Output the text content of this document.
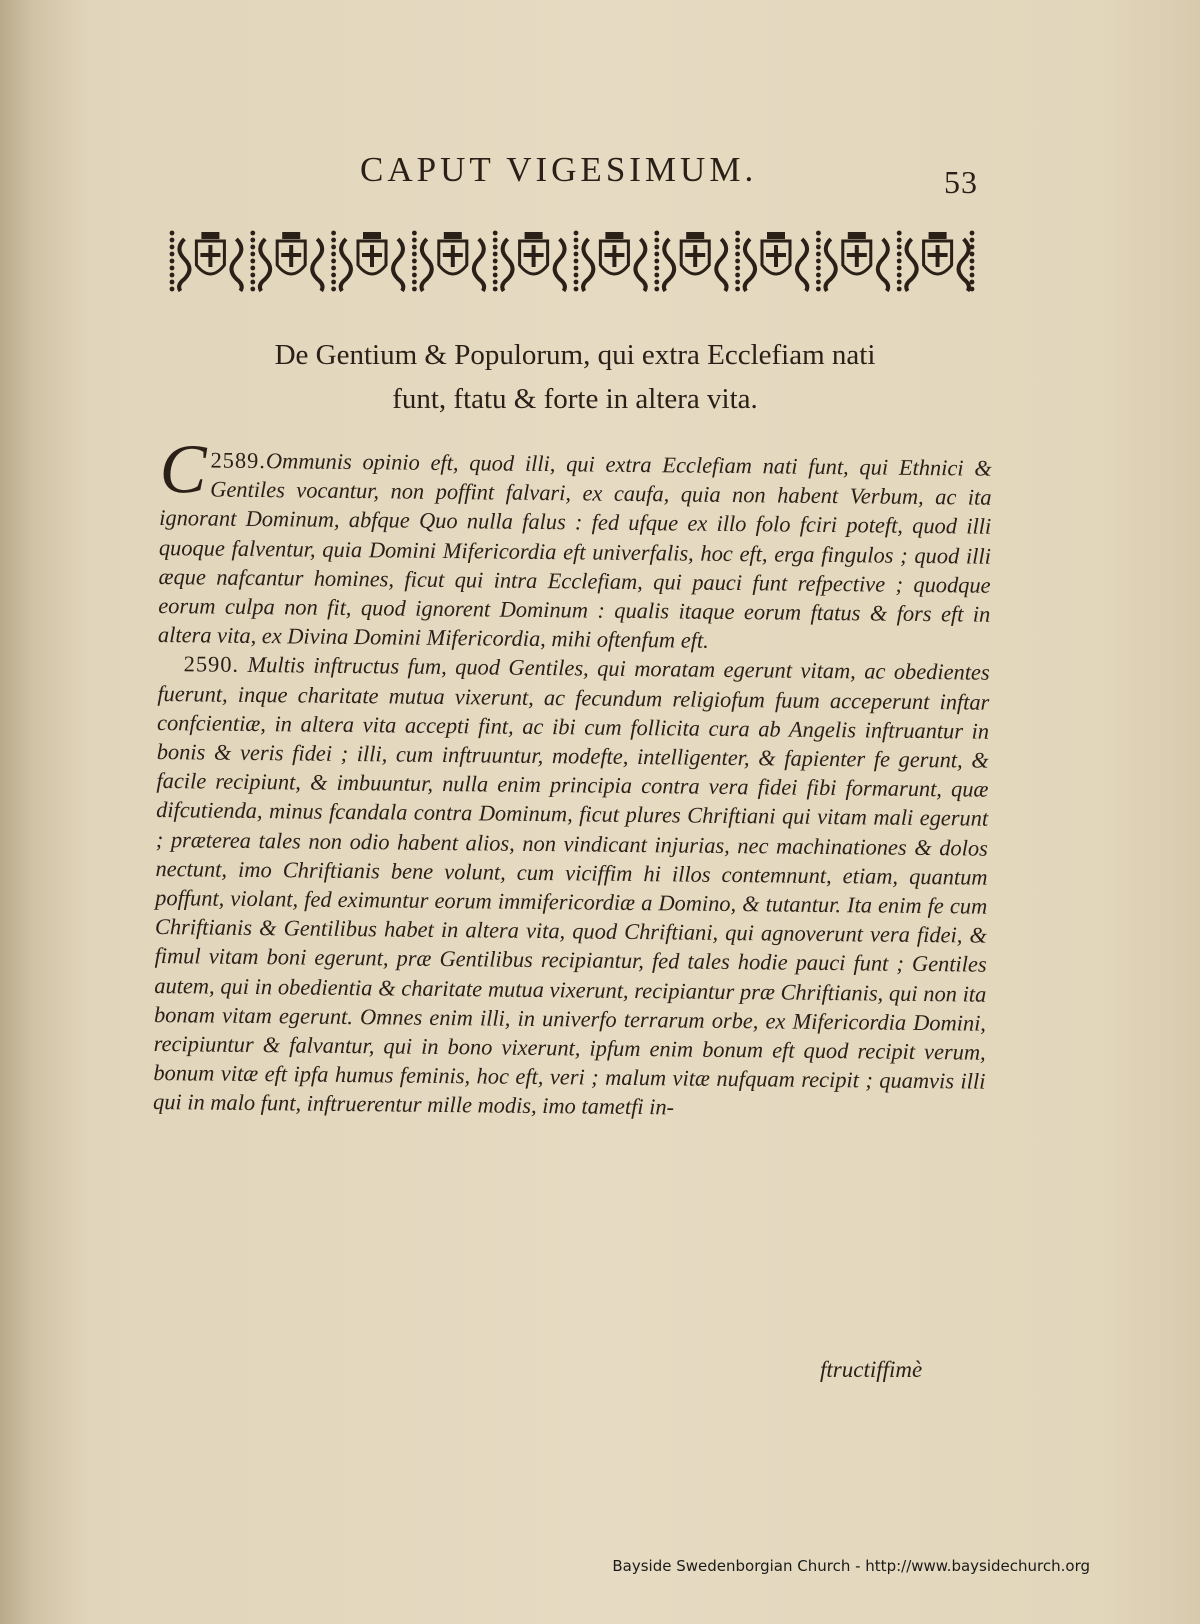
CAPUT VIGESIMUM.	53
De Gentium & Populorum, qui extra Ecclefiam nati
funt, ftatu & forte in altera vita.

2589.
C	Ommunis opinio eft, quod illi, qui extra Ecclefiam nati funt, qui Ethnici & Gentiles vocantur, non poffint falvari, ex caufa, quia non habent Verbum, ac ita ignorant Dominum, abfque Quo nulla falus : fed ufque ex illo folo fciri poteft, quod illi quoque falventur, quia Domini Mifericordia eft univerfalis, hoc eft, erga fingulos ; quod illi æque nafcantur homines, ficut qui intra Ecclefiam, qui pauci funt refpective ; quodque eorum culpa non fit, quod ignorent Dominum : qualis itaque eorum ftatus & fors eft in altera vita, ex Divina Domini Mifericordia, mihi oftenfum eft.

2590. Multis inftructus fum, quod Gentiles, qui moratam egerunt vitam, ac obedientes fuerunt, inque charitate mutua vixerunt, ac fecundum religiofum fuum acceperunt inftar confcientiæ, in altera vita accepti fint, ac ibi cum follicita cura ab Angelis inftruantur in bonis & veris fidei ; illi, cum inftruuntur, modefte, intelligenter, & fapienter fe gerunt, & facile recipiunt, & imbuuntur, nulla enim principia contra vera fidei fibi formarunt, quæ difcutienda, minus fcandala contra Dominum, ficut plures Chriftiani qui vitam mali egerunt ; præterea tales non odio habent alios, non vindicant injurias, nec machinationes & dolos nectunt, imo Chriftianis bene volunt, cum viciffim hi illos contemnunt, etiam, quantum poffunt, violant, fed eximuntur eorum immifericordiæ a Domino, & tutantur. Ita enim fe cum Chriftianis & Gentilibus habet in altera vita, quod Chriftiani, qui agnoverunt vera fidei, & fimul vitam boni egerunt, præ Gentilibus recipiantur, fed tales hodie pauci funt ; Gentiles autem, qui in obedientia & charitate mutua vixerunt, recipiantur præ Chriftianis, qui non ita bonam vitam egerunt. Omnes enim illi, in univerfo terrarum orbe, ex Mifericordia Domini, recipiuntur & falvantur, qui in bono vixerunt, ipfum enim bonum eft quod recipit verum, bonum vitæ eft ipfa humus feminis, hoc eft, veri ; malum vitæ nufquam recipit ; quamvis illi qui in malo funt, inftruerentur mille modis, imo tametfi in-

ftructiffimè
Bayside Swedenborgian Church - http://www.baysidechurch.org
